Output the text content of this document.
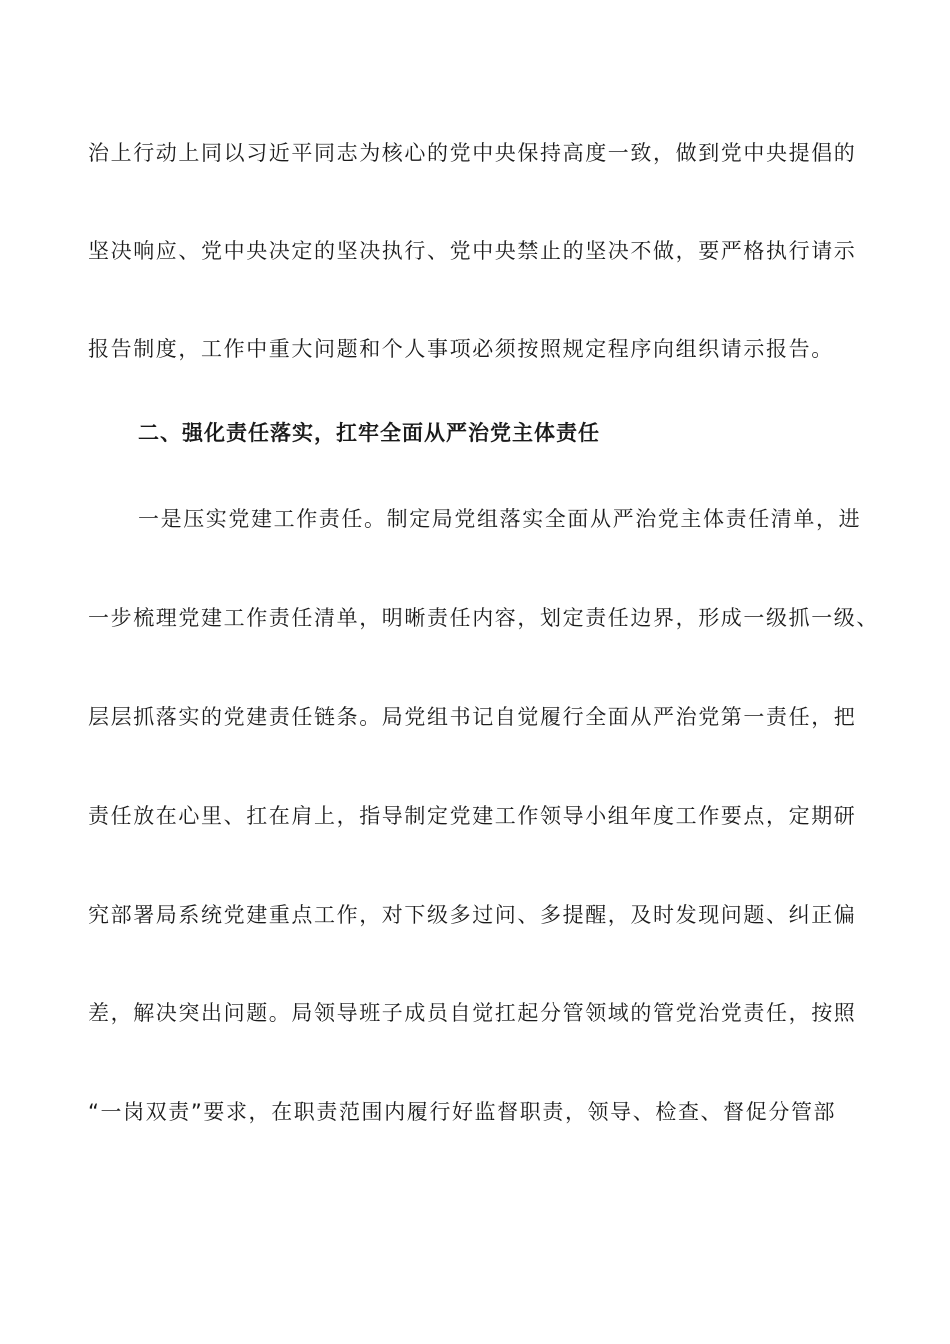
治上行动上同以习近平同志为核心的党中央保持高度一致，做到党中央提倡的
坚决响应、党中央决定的坚决执行、党中央禁止的坚决不做，要严格执行请示
报告制度，工作中重大问题和个人事项必须按照规定程序向组织请示报告。
二、强化责任落实，扛牢全面从严治党主体责任
一是压实党建工作责任。制定局党组落实全面从严治党主体责任清单，进
一步梳理党建工作责任清单，明晰责任内容，划定责任边界，形成一级抓一级、
层层抓落实的党建责任链条。局党组书记自觉履行全面从严治党第一责任，把
责任放在心里、扛在肩上，指导制定党建工作领导小组年度工作要点，定期研
究部署局系统党建重点工作，对下级多过问、多提醒，及时发现问题、纠正偏
差，解决突出问题。局领导班子成员自觉扛起分管领域的管党治党责任，按照
“一岗双责”要求，在职责范围内履行好监督职责，领导、检查、督促分管部
